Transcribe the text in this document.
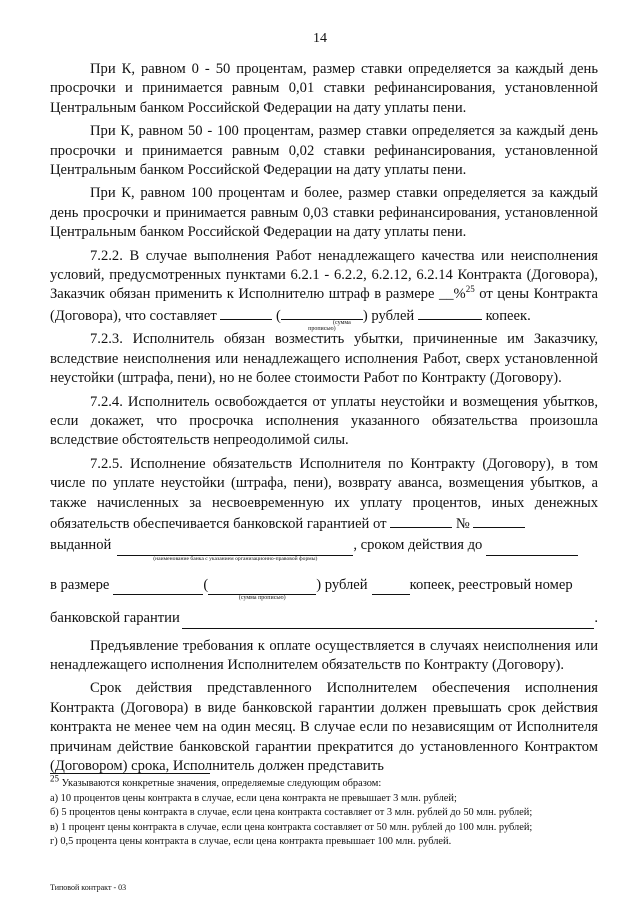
14

При К, равном 0 - 50 процентам, размер ставки определяется за каждый день просрочки и принимается равным 0,01 ставки рефинансирования, установленной Центральным банком Российской Федерации на дату уплаты пени.

При К, равном 50 - 100 процентам, размер ставки определяется за каждый день просрочки и принимается равным 0,02 ставки рефинансирования, установленной Центральным банком Российской Федерации на дату уплаты пени.

При К, равном 100 процентам и более, размер ставки определяется за каждый день просрочки и принимается равным 0,03 ставки рефинансирования, установленной Центральным банком Российской Федерации на дату уплаты пени.

7.2.2. В случае выполнения Работ ненадлежащего качества или неисполнения условий, предусмотренных пунктами 6.2.1 - 6.2.2, 6.2.12, 6.2.14 Контракта (Договора), Заказчик обязан применить к Исполнителю штраф в размере __%$^{25}$ от цены Контракта (Договора), что составляет	(	(сумма прописью)
) рублей	копеек.

7.2.3. Исполнитель обязан возместить убытки, причиненные им Заказчику, вследствие неисполнения или ненадлежащего исполнения Работ, сверх установленной неустойки (штрафа, пени), но не более стоимости Работ по Контракту (Договору).

7.2.4. Исполнитель освобождается от уплаты неустойки и возмещения убытков, если докажет, что просрочка исполнения указанного обязательства произошла вследствие обстоятельств непреодолимой силы.

7.2.5. Исполнение обязательств Исполнителя по Контракту (Договору), в том числе по уплате неустойки (штрафа, пени), возврату аванса, возмещения убытков, а также начисленных за несвоевременную их уплату процентов, иных денежных обязательств обеспечивается банковской гарантией от	№

выданной
(наименование банка с указанием организационно-правовой формы)
, сроком действия до
в размере	(
(сумма прописью)
) рублей	копеек, реестровый номер
банковской гарантии	.

Предъявление требования к оплате осуществляется в случаях неисполнения или ненадлежащего исполнения Исполнителем обязательств по Контракту (Договору).

Срок действия представленного Исполнителем обеспечения исполнения Контракта (Договора) в виде банковской гарантии должен превышать срок действия контракта не менее чем на один месяц. В случае если по независящим от Исполнителя причинам действие банковской гарантии прекратится до установленного Контрактом (Договором) срока, Исполнитель должен представить

25 Указываются конкретные значения, определяемые следующим образом:

а) 10 процентов цены контракта в случае, если цена контракта не превышает 3 млн. рублей;

б) 5 процентов цены контракта в случае, если цена контракта составляет от 3 млн. рублей до 50 млн. рублей;

в) 1 процент цены контракта в случае, если цена контракта составляет от 50 млн. рублей до 100 млн. рублей;

г) 0,5 процента цены контракта в случае, если цена контракта превышает 100 млн. рублей.

Типовой контракт - 03
